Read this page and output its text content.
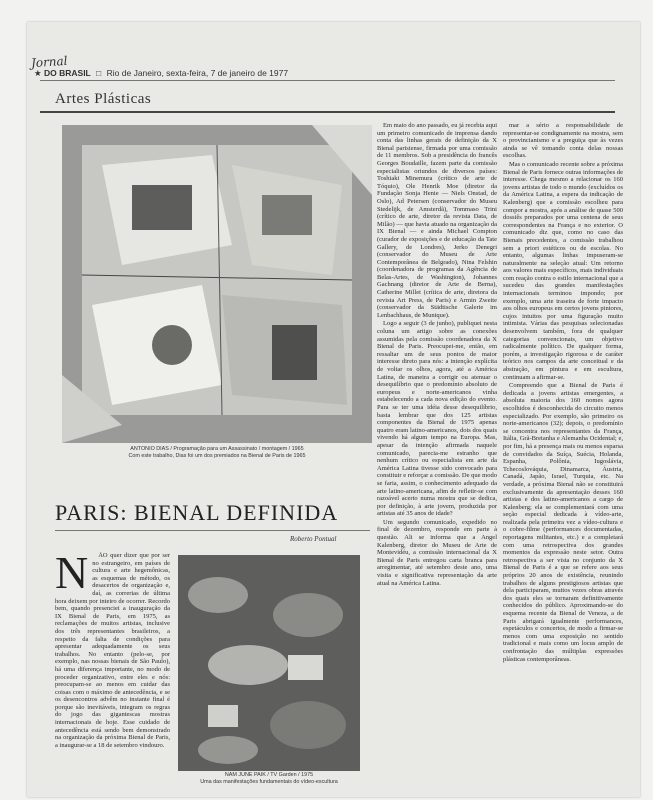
Jornal
★ DO BRASIL □ Rio de Janeiro, sexta-feira, 7 de janeiro de 1977
Artes Plásticas
ANTONIO DIAS / Programação para um Assassinato / montagem / 1965
Com este trabalho, Dias foi um dos premiados na Bienal de Paris de 1965
PARIS: BIENAL DEFINIDA
Roberto Pontual
NAM JUNE PAIK / TV Garden / 1975
Uma das manifestações fundamentais do vídeo-escultura
N	ÃO quer dizer que por ser no estrangeiro, em países de cultura e arte hegemônicas, as esquemas de método, os desacertos de organização e, daí, as correrias de última hora deixem por inteiro de ocorrer. Recordo bem, quando presenciei a inauguração da IX Bienal de Paris, em 1975, as reclamações de muitos artistas, inclusive dos três representantes brasileiros, a respeito da falta de condições para apresentar adequadamente os seus trabalhos. No entanto (pelo-se, por exemplo, nas nossas bienais de São Paulo), há uma diferença importante, no modo de proceder organizativo, entre eles e nós: preocupam-se ao menos em cuidar das coisas com o máximo de antecedência, e se os desencontros advêm no instante final é porque são inevitáveis, integram os regras do jogo das gigantescas mostras internacionais de hoje. Esse cuidado de antecedência está sendo bem demonstrado na organização da próxima Bienal de Paris, a inaugurar-se a 18 de setembro vindouro.

Em maio do ano passado, eu já recebia aqui um primeiro comunicado de imprensa dando conta das linhas gerais de definição da X Bienal parisiense, firmada por uma comissão de 11 membros. Sob a presidência do francês Georges Boudaille, fazem parte da comissão especialistas oriundos de diversos países: Toshiaki Minemura (crítico de arte de Tóquio), Ole Henrik Moe (diretor da Fundação Sonja Henie — Niels Onstad, de Oslo), Ad Petersen (conservador do Museu Stedelijk, de Amsterdã), Tommaso Trini (crítico de arte, diretor da revista Data, de Milão) — que havia atuado na organização da IX Bienal — e ainda Michael Compton (curador de exposições e de educação da Tate Gallery, de Londres), Jerko Denegri (conservador do Museu de Arte Contemporânea de Belgrado), Nina Felshin (coordenadora de programas da Agência de Belas-Artes, de Washington), Johannes Gachnang (diretor de Arte de Berna), Catherine Millet (crítica de arte, diretora da revista Art Press, de Paris) e Armin Zweite (conservador da Städtische Galerie im Lenbachhaus, de Munique).

Logo a seguir (3 de junho), publiquei nesta coluna um artigo sobre as conexões assumidas pela comissão coordenadora da X Bienal de Paris. Preocupei-me, então, em ressaltar um de seus pontos de maior interesse direto para nós: a intenção explícita de voltar os olhos, agora, até a América Latina, de maneira a corrigir ou atenuar o desequilíbrio que o predomínio absoluto de europeus e norte-americanos vinha estabelecendo a cada nova edição do evento. Para se ter uma idéia desse desequilíbrio, basta lembrar que dos 125 artistas componentes da Bienal de 1975 apenas quatro eram latino-americanos, dois dos quais vivendo há algum tempo na Europa. Mas, apesar da intenção afirmada naquele comunicado, parecia-me estranho que nenhum crítico ou especialista em arte da América Latina tivesse sido convocado para constituir e reforçar a comissão. De que modo se faria, assim, o conhecimento adequado da arte latino-americana, afim de refletir-se com razoável acerto numa mostra que se dedica, por definição, à arte jovem, produzida por artistas até 35 anos de idade?

Um segundo comunicado, expedido no final de dezembro, responde em parte à questão. Ali se informa que a Angel Kalenberg, diretor do Museu de Arte de Montevidéu, a comissão internacional da X Bienal de Paris entregou carta branca para arregimentar, até setembro deste ano, uma visita e significativa representação da arte atual na América Latina.

mar a sério a responsabilidade de representar-se condignamente na mostra, sem o provincianismo e a preguiça que às vezes ainda se vê tomando conta delas nossas escolhas.

Mas o comunicado recente sobre a próxima Bienal de Paris fornece outras informações de interesse. Chega mesmo a relacionar os 160 jovens artistas de todo o mundo (excluídos os da América Latina, a espera da indicação de Kalenberg) que a comissão escolheu para compor a mostra, após a análise de quase 500 dossiês preparados por uma centena de seus correspondentes na França e no exterior. O comunicado diz que, como no caso das Bienais precedentes, a comissão trabalhou sem a priori estéticos ou de escolas. No entanto, algumas linhas impuseram-se naturalmente na seleção atual: Um retorno aos valores mais específicos, mais individuais com reação contra o estilo internacional que a sucedeu das grandes manifestações internacionais terminou impondo; por exemplo, uma arte traseira de forte impacto aos olhos europeus em certos jovens pintores, cujos intuitos por uma figuração muito intimista. Várias das pesquisas selecionadas desenvolvem também, fora de qualquer categorias convencionais, um objetivo radicalmente político. De qualquer forma, porém, a investigação rigorosa e de caráter teórico nos campos da arte conceitual e da abstração, em pintura e em escultura, continuam a afirmar-se.

Compreendo que a Bienal de Paris é dedicada a jovens artistas emergentes, a absoluta maioria dos 160 nomes agora escolhidos é desconhecida do circuito menos especializado. Por exemplo, são primeiro os norte-americanos (32); depois, o predomínio se concentra nos representantes da França, Itália, Grã-Bretanha e Alemanha Ocidental; e, por fim, há a presença mais ou menos esparsa de convidados da Suíça, Suécia, Holanda, Espanha, Polônia, Iugoslávia, Tchecoslováquia, Dinamarca, Áustria, Canadá, Japão, Israel, Turquia, etc. Na verdade, a próxima Bienal não se constituirá exclusivamente da apresentação desses 160 artistas e dos latino-americanos a cargo de Kalenberg; ela se complementará com uma seção especial dedicada à vídeo-arte, realizada pela primeira vez a vídeo-cultura e o cobre-filme (performances documentadas, reportagens militantes, etc.) e a completará com uma retrospectiva dos grandes momentos da expressão neste setor. Outra retrospectiva a ser vista no conjunto da X Bienal de Paris é a que se refere aos seus próprios 20 anos de existência, reunindo trabalhos de alguns prestigiosos artistas que dela participaram, muitos vezes obras através dos quais eles se tornaram definitivamente conhecidos do público. Aproximando-se do esquema recente da Bienal de Veneza, a de Paris abrigará igualmente performances, espetáculos e concertos, de modo a firmar-se menos com uma exposição no sentido tradicional e mais como um locus amplo de confrontação das múltiplas expressões plásticas contemporâneas.
